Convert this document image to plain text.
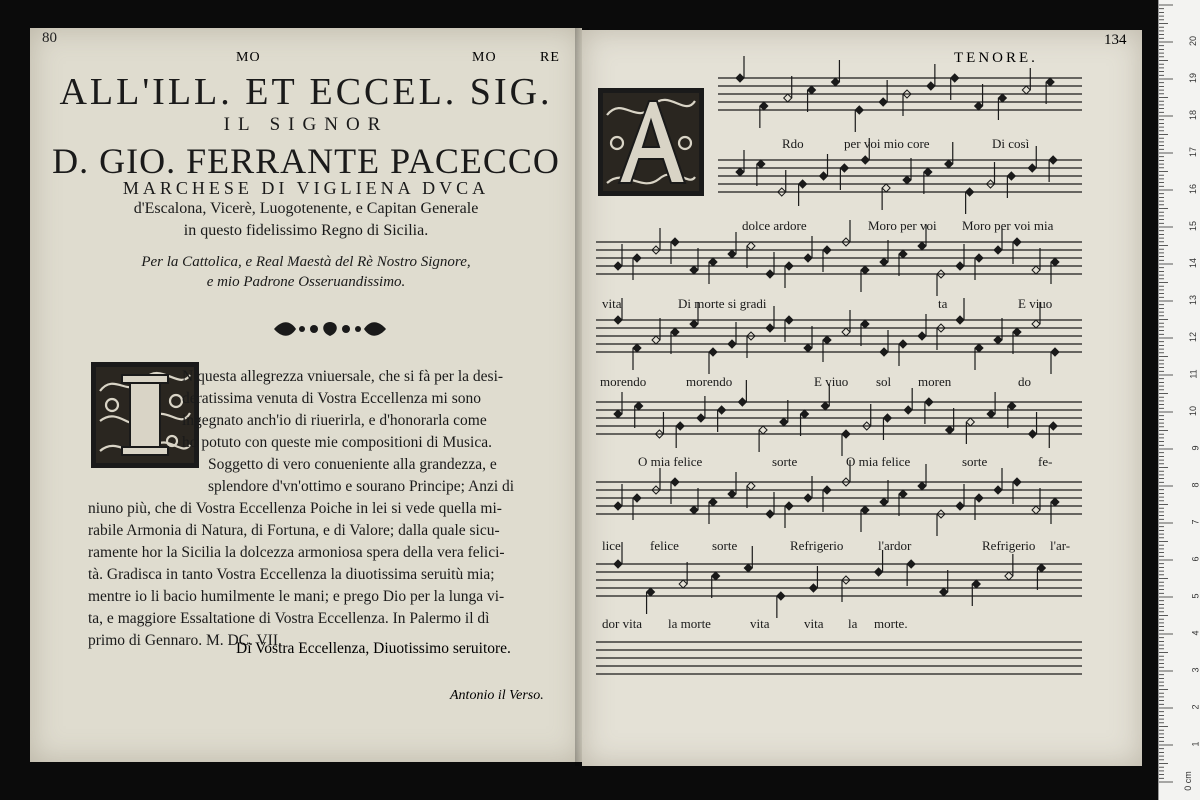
80
MO	MO	RE
ALL'ILL. ET ECCEL. SIG.
IL SIGNOR
D. GIO. FERRANTE PACECCO
MARCHESE DI VIGLIENA DVCA
d'Escalona, Vicerè, Luogotenente, e Capitan Generale
in questo fidelissimo Regno di Sicilia.
Per la Cattolica, e Real Maestà del Rè Nostro Signore,
e mio Padrone Osseruandissimo.
N questa allegrezza vniuersale, che si fà per la desi-
deratissima venuta di Vostra Eccellenza mi sono
ingegnato anch'io di riuerirla, e d'honorarla come
ho potuto con queste mie compositioni di Musica.
Soggetto di vero conueniente alla grandezza, e
splendore d'vn'ottimo e sourano Principe; Anzi di
niuno più, che di Vostra Eccellenza Poiche in lei si vede quella mi-
rabile Armonia di Natura, di Fortuna, e di Valore; dalla quale sicu-
ramente hor la Sicilia la dolcezza armoniosa spera della vera felici-
tà. Gradisca in tanto Vostra Eccellenza la diuotissima seruitù mia;
mentre io li bacio humilmente le mani; e prego Dio per la lunga vi-
ta, e maggiore Essaltatione di Vostra Eccellenza. In Palermo il dì
primo di Gennaro. M. DC. VII.
Di Vostra Eccellenza, Diuotissimo seruitore.
Antonio il Verso.
TENORE.
134
Rdo	per voi mio core	Di così
dolce ardore	Moro per voi Moro per voi mia
vita	Di morte si gradi	ta	E viuo
morendo	morendo	E viuo sol moren	do
O mia felice	sorte	O mia felice	sorte	fe-
lice felice	sorte	Refrigerio	l'ardor	Refrigerio l'ar-
dor vita la morte	vita	vita la morte.
0 cm
1
2
3
4
5
6
7
8
9
10
11
12
13
14
15
16
17
18
19
20
